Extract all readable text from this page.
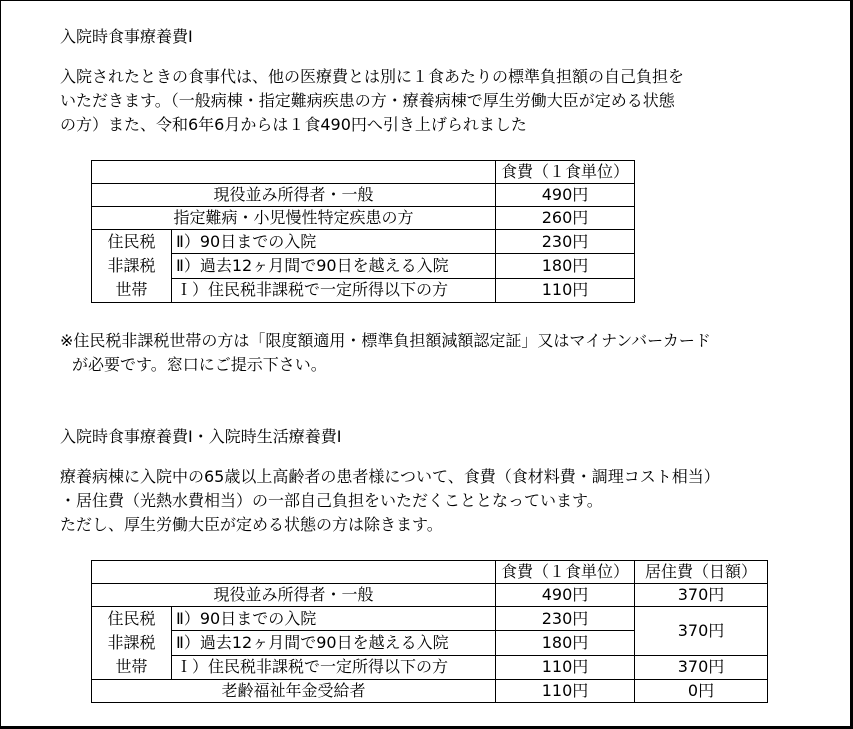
入院時食事療養費Ⅰ
入院されたときの食事代は、他の医療費とは別に１食あたりの標準負担額の自己負担を
いただきます。（一般病棟・指定難病疾患の方・療養病棟で厚生労働大臣が定める状態
の方）また、令和6年6月からは１食490円へ引き上げられました
		食費（１食単位）
現役並み所得者・一般		490円
指定難病・小児慢性特定疾患の方		260円

住民税
非課税
世帯	Ⅱ）90日までの入院	230円

	Ⅱ）過去12ヶ月間で90日を越える入院	180円

	Ｉ）住民税非課税で一定所得以下の方	110円
※住民税非課税世帯の方は「限度額適用・標準負担額減額認定証」又はマイナンバーカード
が必要です。窓口にご提示下さい。
入院時食事療養費Ⅰ・入院時生活療養費Ⅰ
療養病棟に入院中の65歳以上高齢者の患者様について、食費（食材料費・調理コスト相当）
・居住費（光熱水費相当）の一部自己負担をいただくこととなっています。
ただし、厚生労働大臣が定める状態の方は除きます。
		食費（１食単位）	居住費（日額）
現役並み所得者・一般		490円	370円

住民税
非課税
世帯	Ⅱ）90日までの入院	230円	370円

	Ⅱ）過去12ヶ月間で90日を越える入院	180円	

	Ｉ）住民税非課税で一定所得以下の方	110円	370円
老齢福祉年金受給者		110円	0円
